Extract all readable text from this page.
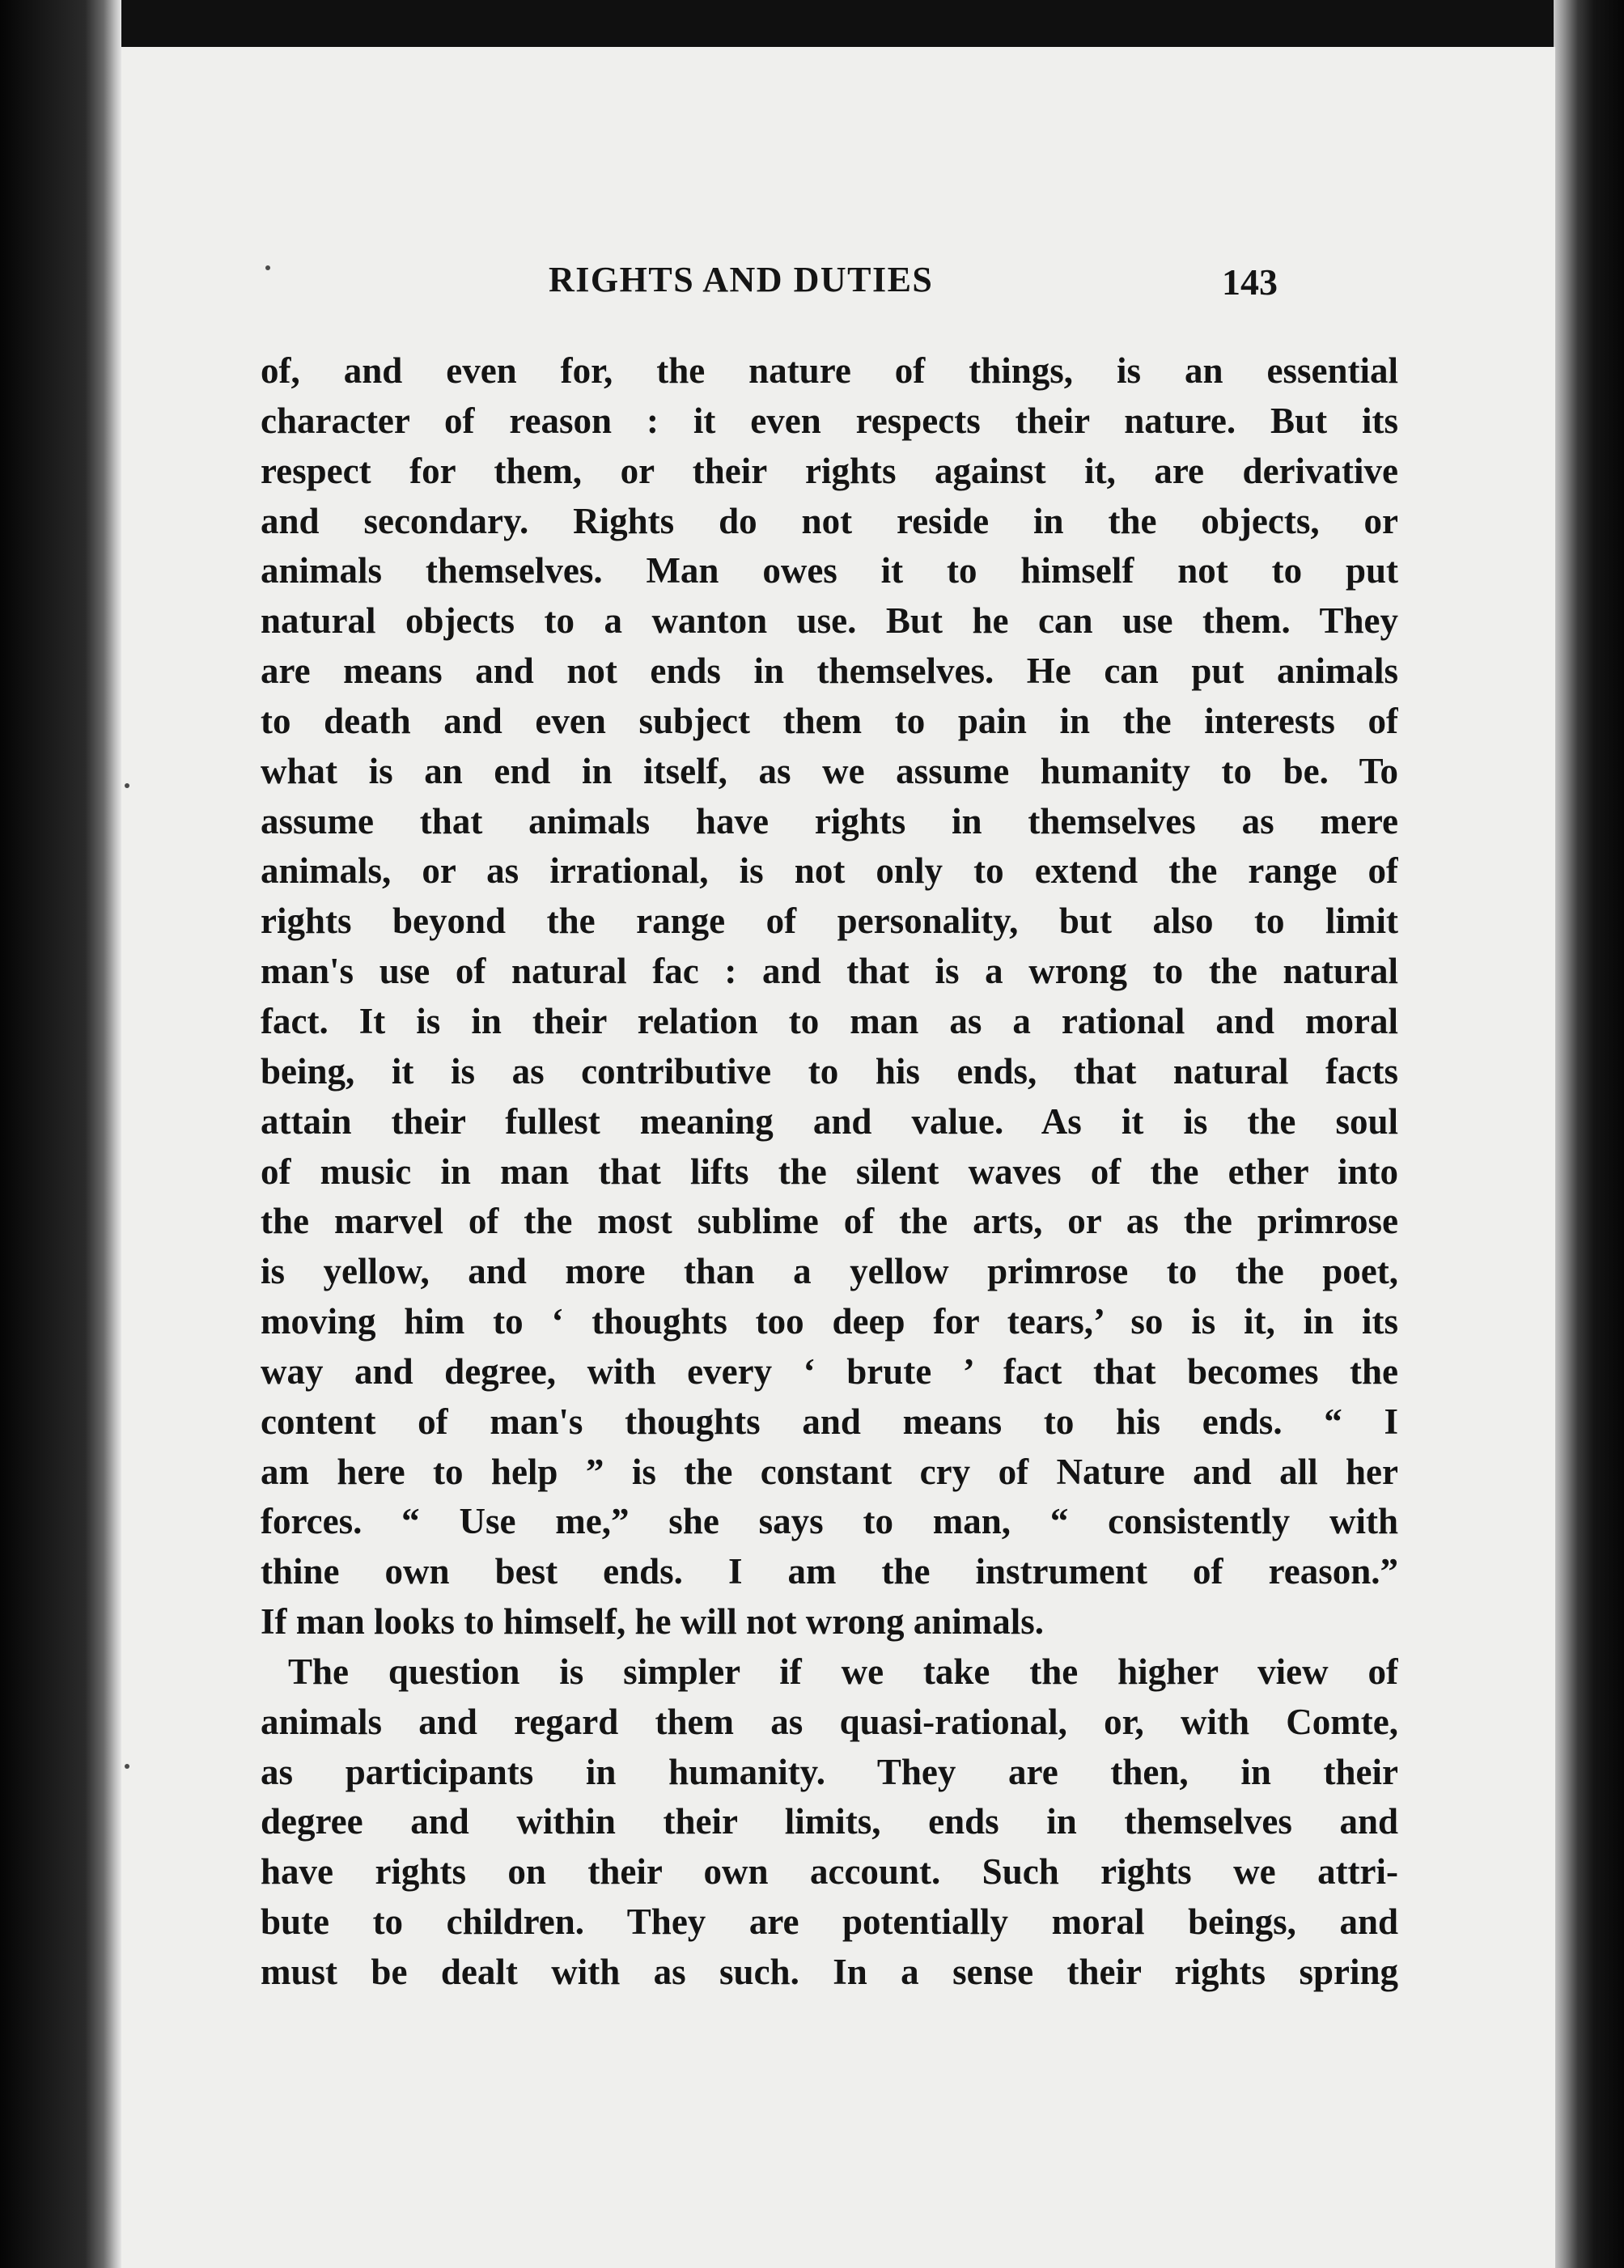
RIGHTS AND DUTIES	143
of, and even for, the nature of things, is an essential
character of reason : it even respects their nature. But its
respect for them, or their rights against it, are derivative
and secondary. Rights do not reside in the objects, or
animals themselves. Man owes it to himself not to put
natural objects to a wanton use. But he can use them. They
are means and not ends in themselves. He can put animals
to death and even subject them to pain in the interests of
what is an end in itself, as we assume humanity to be. To
assume that animals have rights in themselves as mere
animals, or as irrational, is not only to extend the range of
rights beyond the range of personality, but also to limit
man's use of natural fac : and that is a wrong to the natural
fact. It is in their relation to man as a rational and moral
being, it is as contributive to his ends, that natural facts
attain their fullest meaning and value. As it is the soul
of music in man that lifts the silent waves of the ether into
the marvel of the most sublime of the arts, or as the primrose
is yellow, and more than a yellow primrose to the poet,
moving him to ‘ thoughts too deep for tears,’ so is it, in its
way and degree, with every ‘ brute ’ fact that becomes the
content of man's thoughts and means to his ends. “ I
am here to help ” is the constant cry of Nature and all her
forces. “ Use me,” she says to man, “ consistently with
thine own best ends. I am the instrument of reason.”
If man looks to himself, he will not wrong animals.
The question is simpler if we take the higher view of
animals and regard them as quasi-rational, or, with Comte,
as participants in humanity. They are then, in their
degree and within their limits, ends in themselves and
have rights on their own account. Such rights we attri-
bute to children. They are potentially moral beings, and
must be dealt with as such. In a sense their rights spring
